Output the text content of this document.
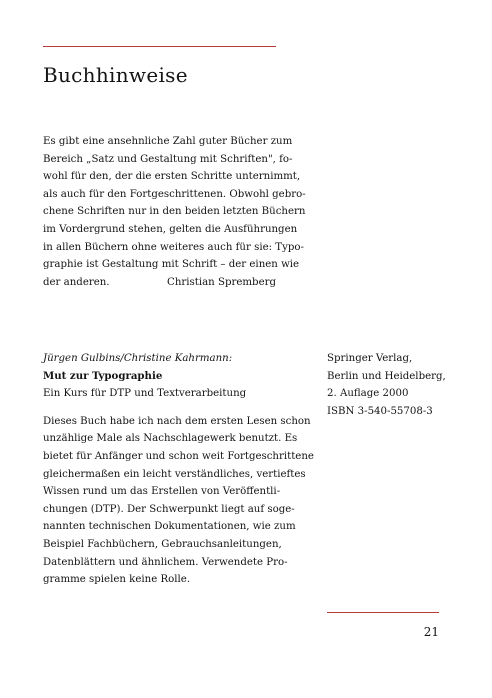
Buchhinweise
Es gibt eine ansehnliche Zahl guter Bücher zum
Bereich „Satz und Gestaltung mit Schriften", fo-
wohl für den, der die ersten Schritte unternimmt,
als auch für den Fortgeschrittenen. Obwohl gebro-
chene Schriften nur in den beiden letzten Büchern
im Vordergrund stehen, gelten die Ausführungen
in allen Büchern ohne weiteres auch für sie: Typo-
graphie ist Gestaltung mit Schrift – der einen wie
der anderen.	Christian Spremberg
Jürgen Gulbins/Christine Kahrmann:
Mut zur Typographie
Ein Kurs für DTP und Textverarbeitung
Dieses Buch habe ich nach dem ersten Lesen schon
unzählige Male als Nachschlagewerk benutzt. Es
bietet für Anfänger und schon weit Fortgeschrittene
gleichermaßen ein leicht verständliches, vertieftes
Wissen rund um das Erstellen von Veröffentli-
chungen (DTP). Der Schwerpunkt liegt auf soge-
nannten technischen Dokumentationen, wie zum
Beispiel Fachbüchern, Gebrauchsanleitungen,
Datenblättern und ähnlichem. Verwendete Pro-
gramme spielen keine Rolle.
Springer Verlag,
Berlin und Heidelberg,
2. Auflage 2000
ISBN 3-540-55708-3
21
